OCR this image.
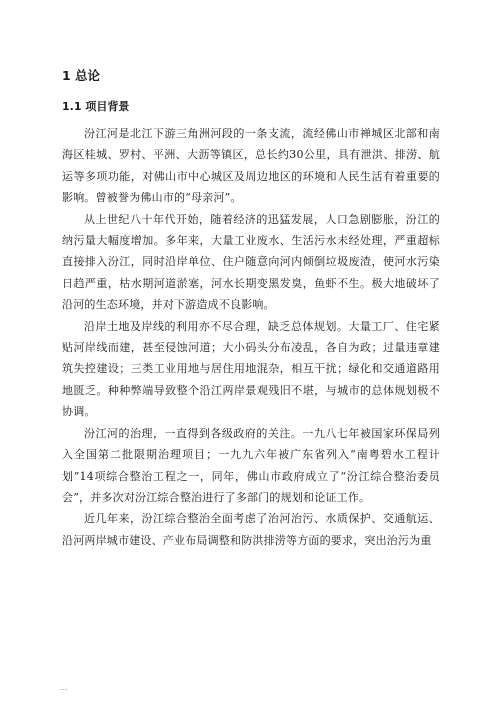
1 总论
1.1 项目背景

汾江河是北江下游三角洲河段的一条支流，流经佛山市禅城区北部和南海区桂城、罗村、平洲、大沥等镇区，总长约30公里，具有泄洪、排涝、航运等多项功能，对佛山市中心城区及周边地区的环境和人民生活有着重要的影响。曾被誉为佛山市的“母亲河”。

从上世纪八十年代开始，随着经济的迅猛发展，人口急剧膨胀，汾江的纳污量大幅度增加。多年来，大量工业废水、生活污水未经处理，严重超标直接排入汾江，同时沿岸单位、住户随意向河内倾倒垃圾废渣，使河水污染日趋严重，枯水期河道淤塞，河水长期变黑发臭，鱼虾不生。极大地破坏了沿河的生态环境，并对下游造成不良影响。

沿岸土地及岸线的利用亦不尽合理，缺乏总体规划。大量工厂、住宅紧贴河岸线而建，甚至侵蚀河道；大小码头分布凌乱，各自为政；过量违章建筑失控建设；三类工业用地与居住用地混杂，相互干扰；绿化和交通道路用地匮乏。种种弊端导致整个沿江两岸景观残旧不堪，与城市的总体规划极不协调。

汾江河的治理，一直得到各级政府的关注。一九八七年被国家环保局列入全国第二批限期治理项目；一九九六年被广东省列入“南粤碧水工程计划”14项综合整治工程之一，同年，佛山市政府成立了“汾江综合整治委员会”，并多次对汾江综合整治进行了多部门的规划和论证工作。

近几年来，汾江综合整治全面考虑了治河治污、水质保护、交通航运、沿河两岸城市建设、产业布局调整和防洪排涝等方面的要求，突出治污为重

...
